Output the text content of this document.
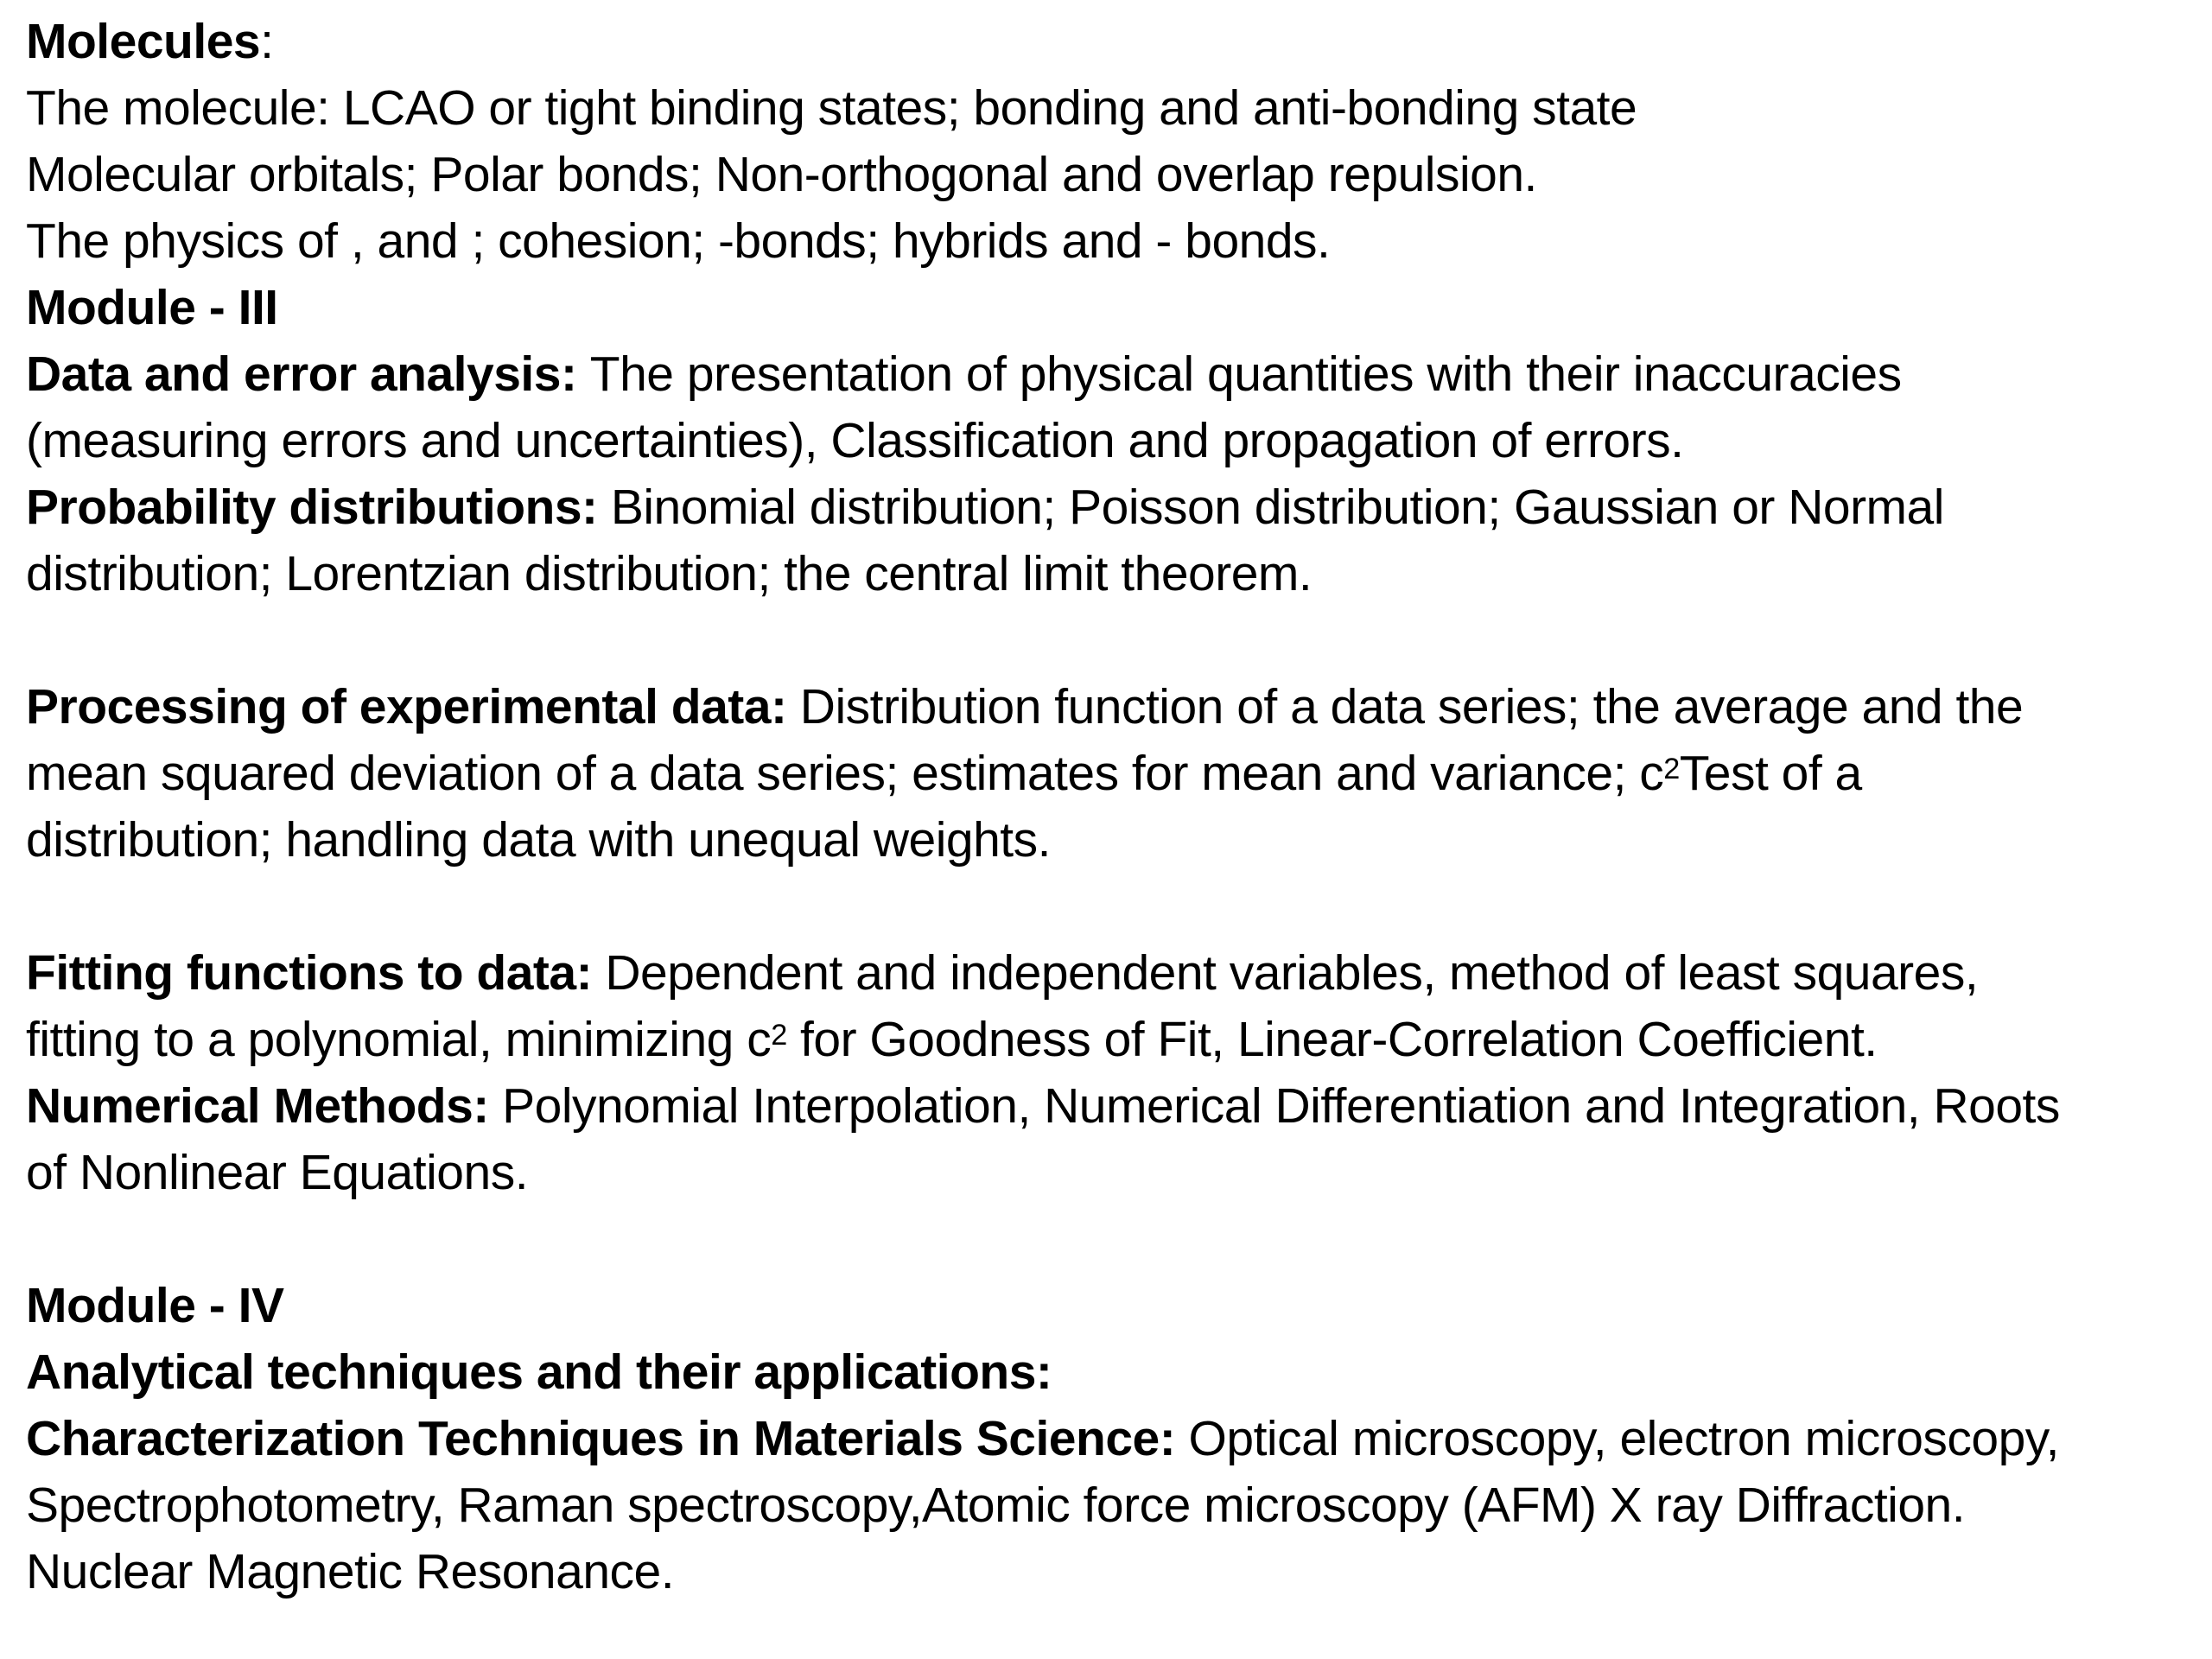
Molecules:
The molecule: LCAO or tight binding states; bonding and anti-bonding state
Molecular orbitals; Polar bonds; Non-orthogonal and overlap repulsion.
The physics of , and ; cohesion; -bonds; hybrids and - bonds.
Module - III
Data and error analysis: The presentation of physical quantities with their inaccuracies
(measuring errors and uncertainties), Classification and propagation of errors.
Probability distributions: Binomial distribution; Poisson distribution; Gaussian or Normal
distribution; Lorentzian distribution; the central limit theorem.
Processing of experimental data: Distribution function of a data series; the average and the
mean squared deviation of a data series; estimates for mean and variance; $c^2Test$ of a
distribution; handling data with unequal weights.
Fitting functions to data: Dependent and independent variables, method of least squares,
fitting to a polynomial, minimizing $c^2$ for Goodness of Fit, Linear-Correlation Coefficient.
Numerical Methods: Polynomial Interpolation, Numerical Differentiation and Integration, Roots
of Nonlinear Equations.
Module - IV
Analytical techniques and their applications:
Characterization Techniques in Materials Science: Optical microscopy, electron microscopy,
Spectrophotometry, Raman spectroscopy,Atomic force microscopy (AFM) X ray Diffraction.
Nuclear Magnetic Resonance.
